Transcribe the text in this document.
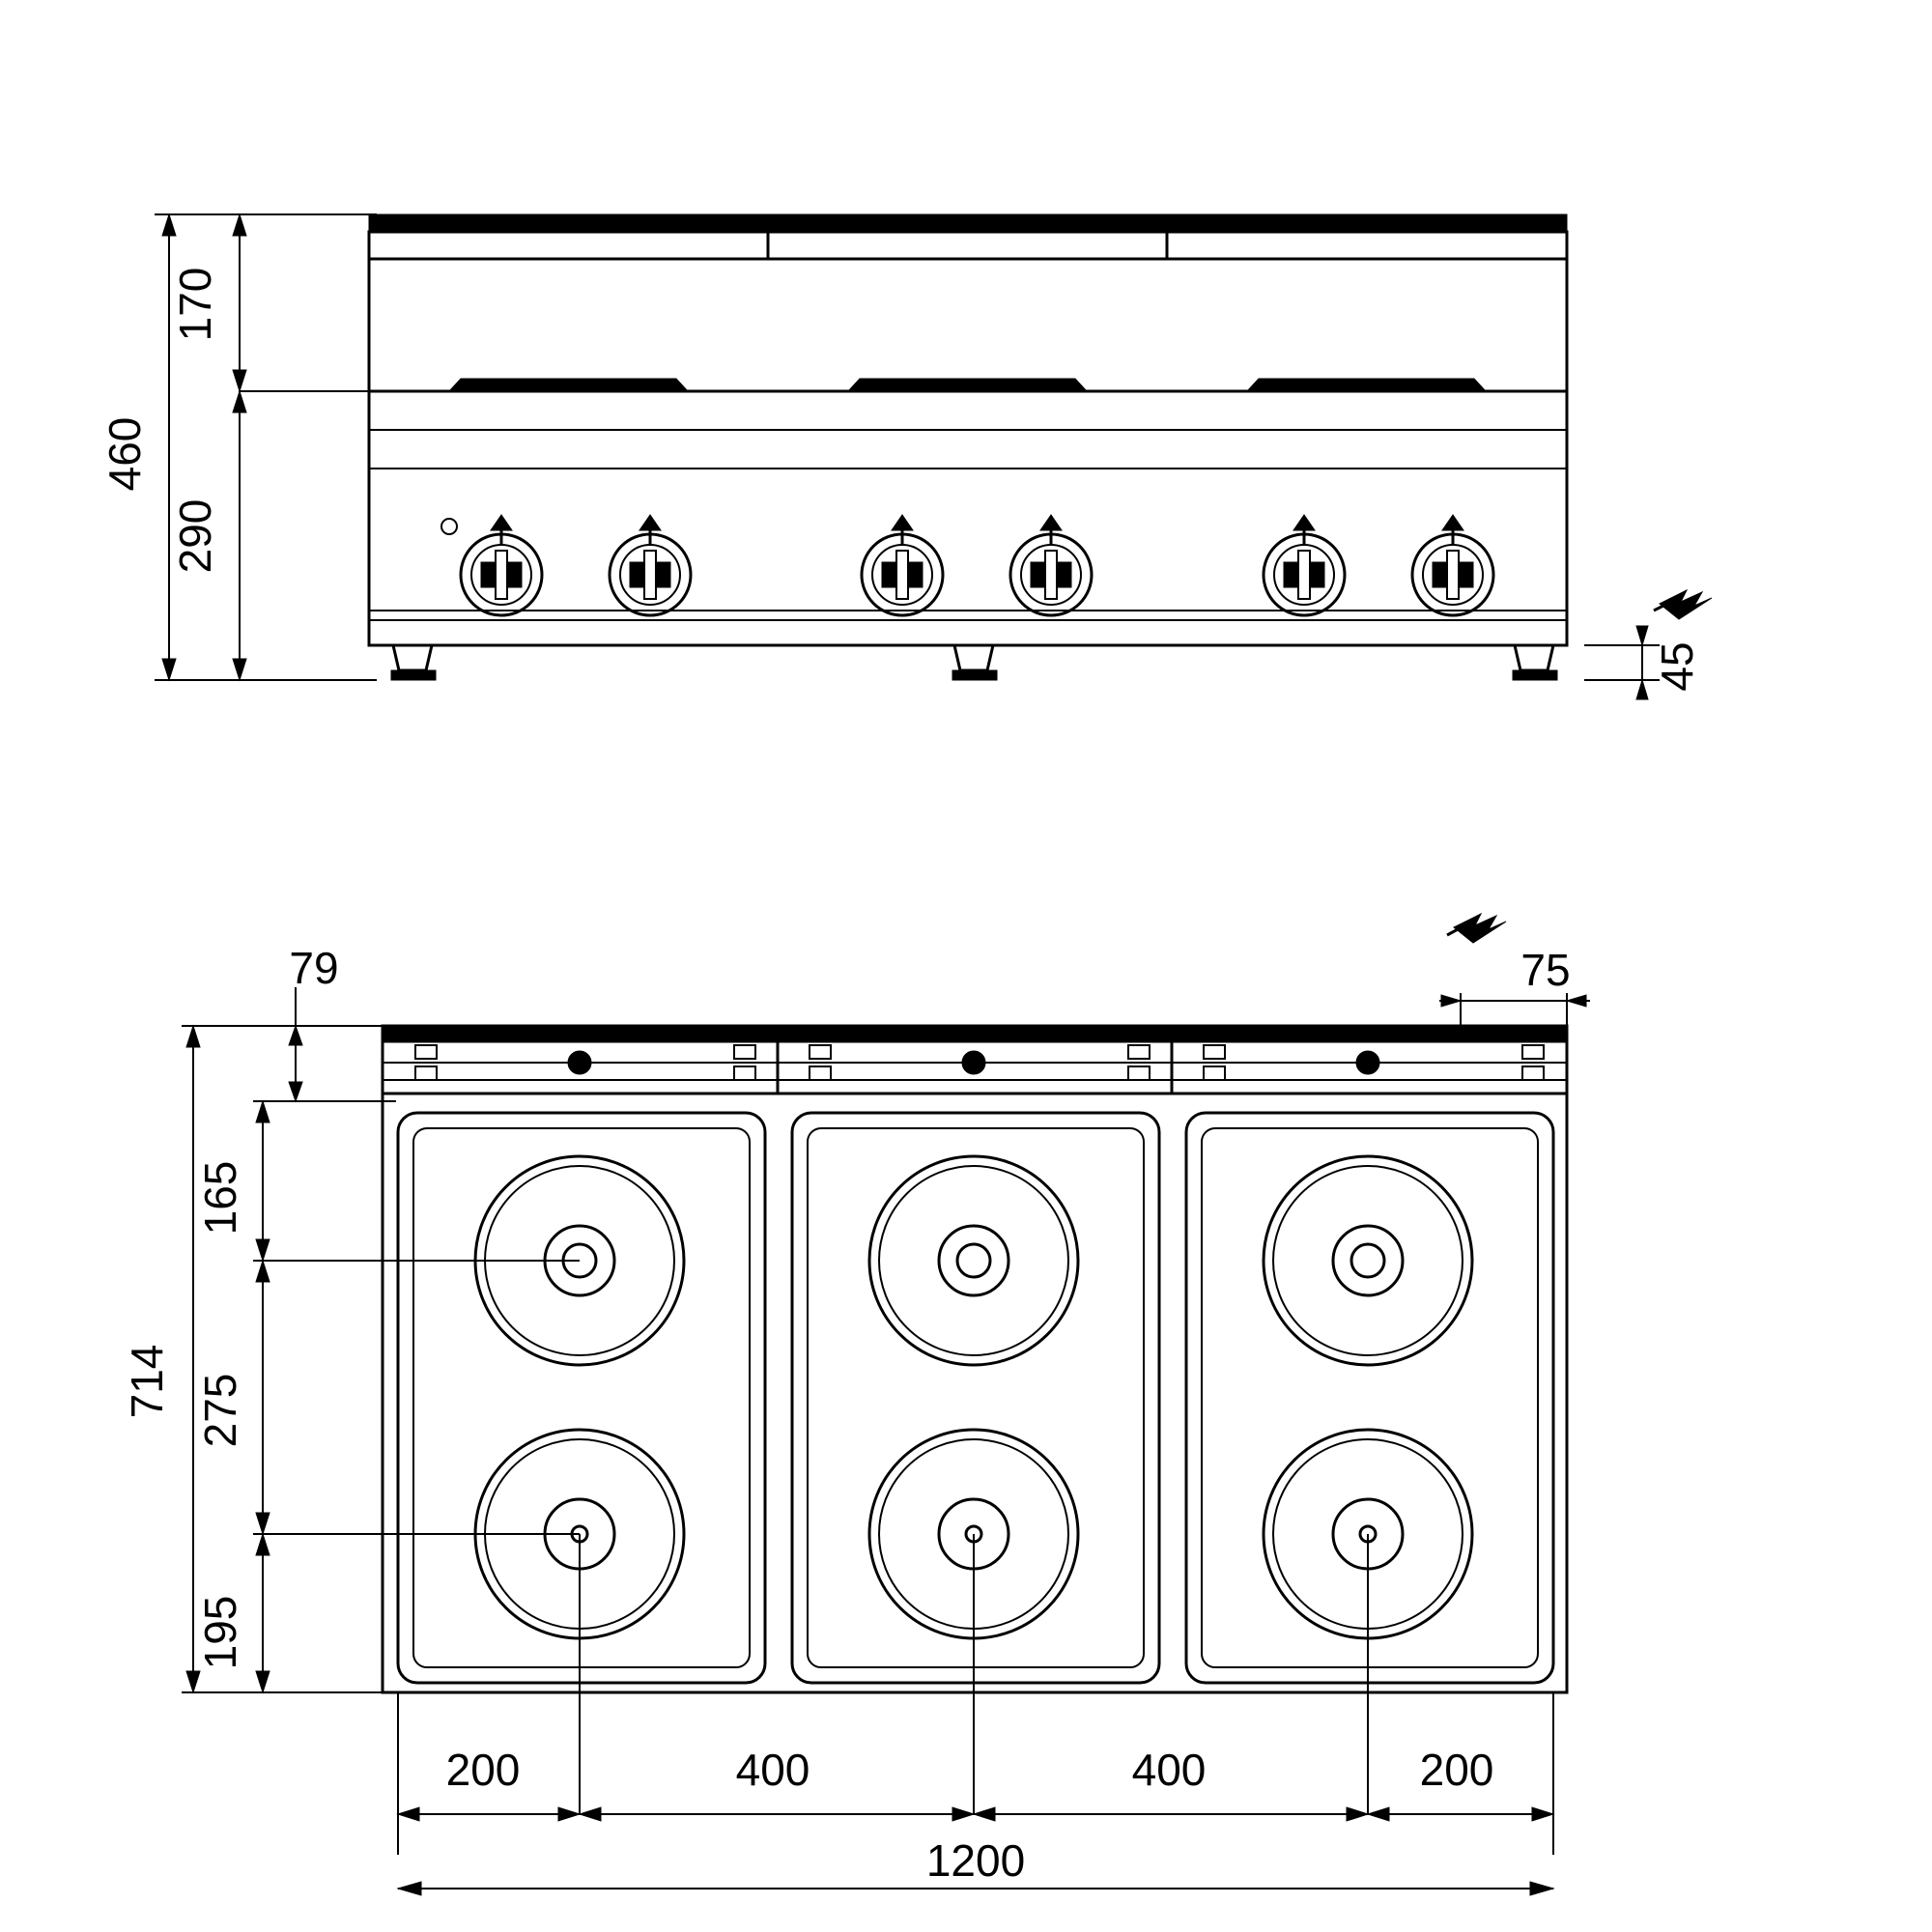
460
170
290
45
714
165
275
195
79	75
200	400	400	200
1200
